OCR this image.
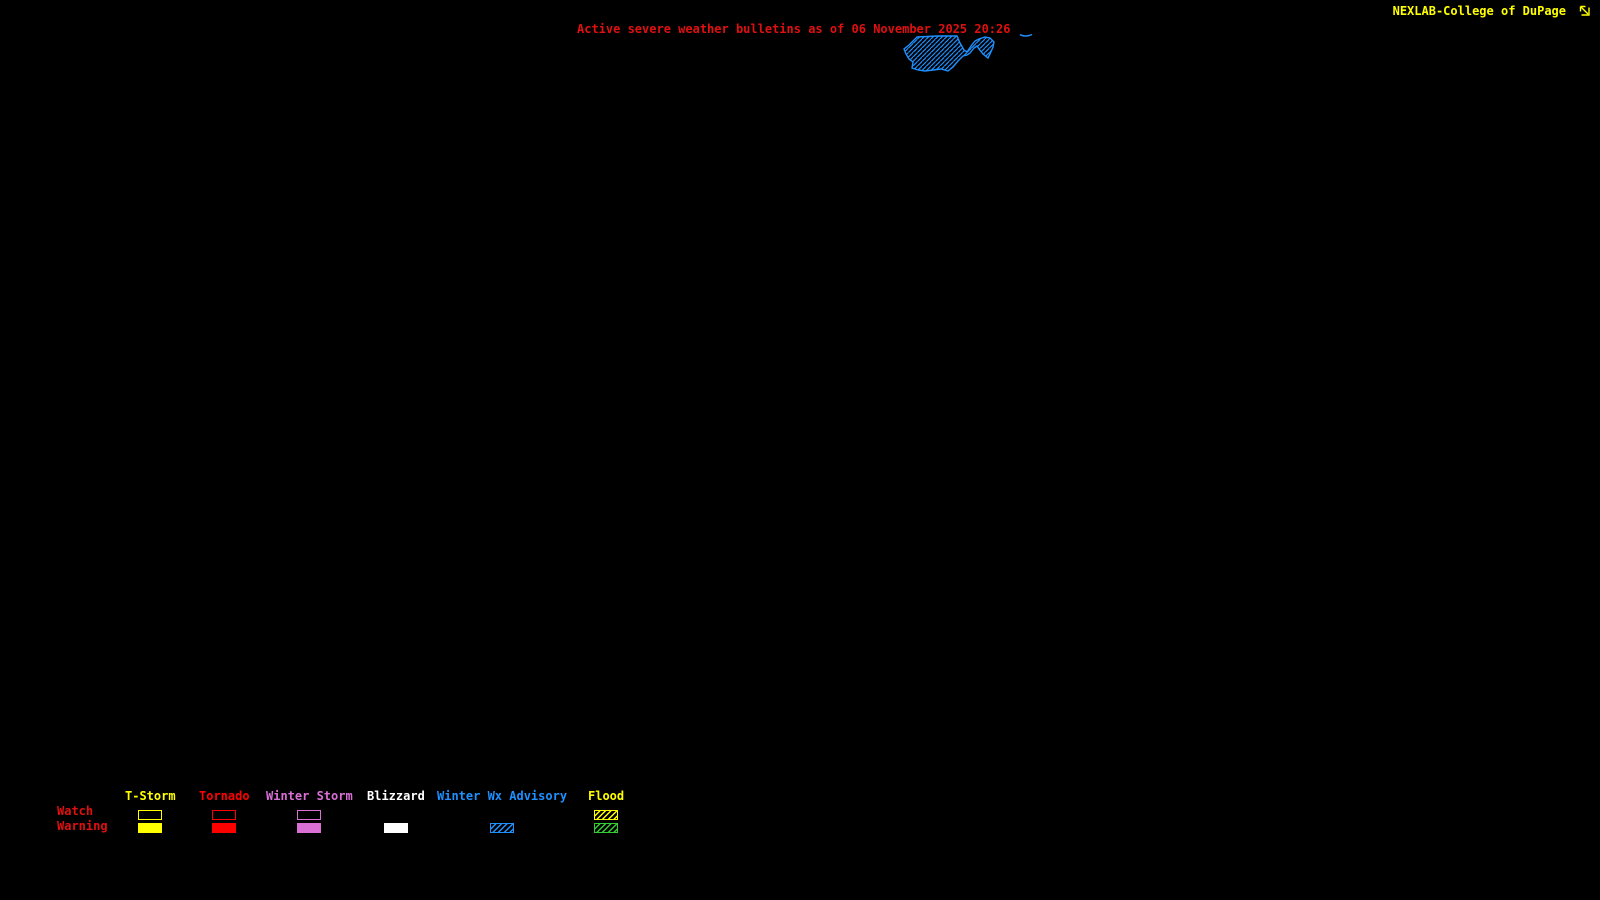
NEXLAB-College of DuPage
Active severe weather bulletins as of 06 November 2025 20:26
Watch
Warning
T-Storm Tornado Winter Storm Blizzard Winter Wx Advisory Flood
